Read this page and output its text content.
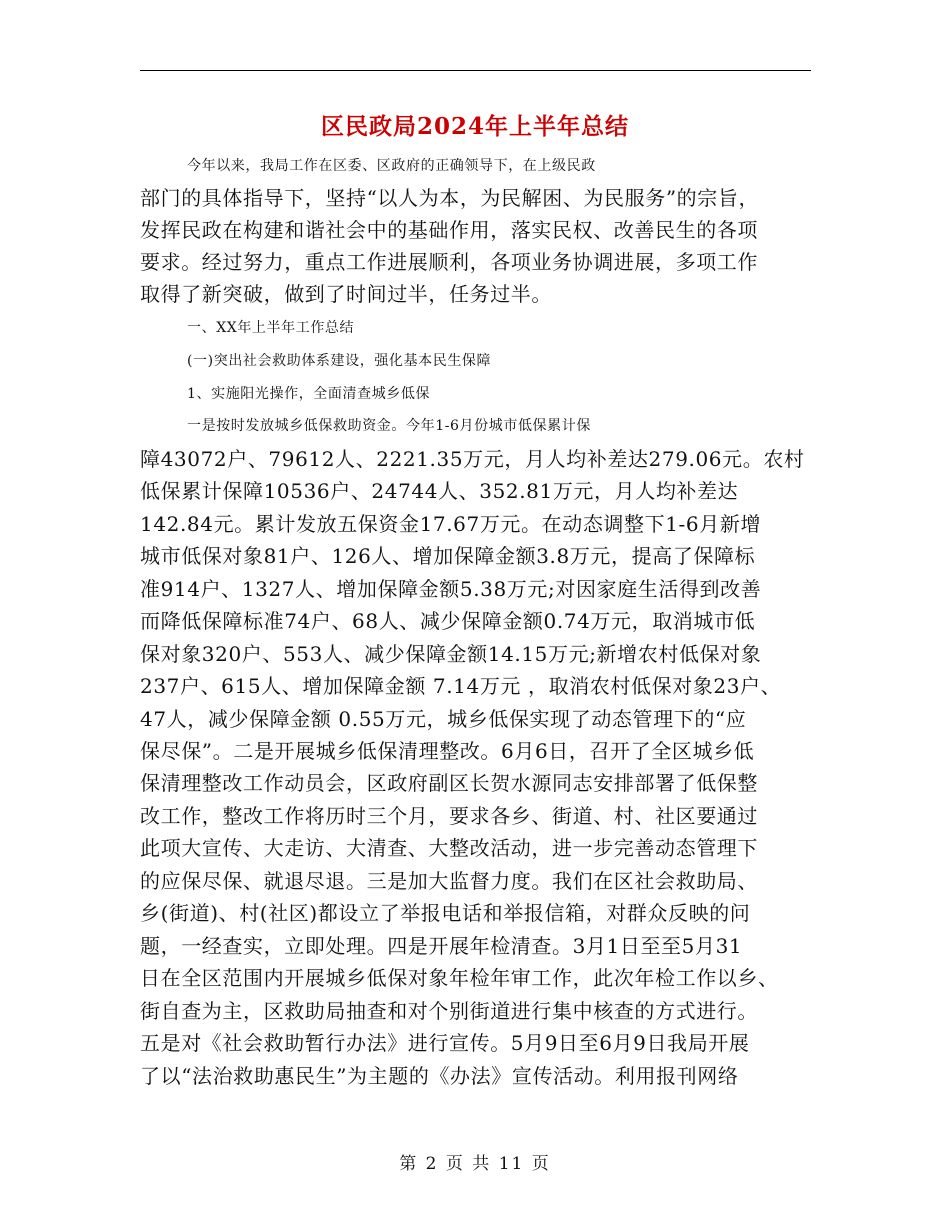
区民政局2024年上半年总结
今年以来，我局工作在区委、区政府的正确领导下，在上级民政
部门的具体指导下，坚持“以人为本，为民解困、为民服务”的宗旨，
发挥民政在构建和谐社会中的基础作用，落实民权、改善民生的各项
要求。经过努力，重点工作进展顺利，各项业务协调进展，多项工作
取得了新突破，做到了时间过半，任务过半。
一、XX年上半年工作总结
(一)突出社会救助体系建设，强化基本民生保障
1、实施阳光操作，全面清查城乡低保
一是按时发放城乡低保救助资金。今年1-6月份城市低保累计保
障43072户、79612人、2221.35万元，月人均补差达279.06元。农村
低保累计保障10536户、24744人、352.81万元，月人均补差达
142.84元。累计发放五保资金17.67万元。在动态调整下1-6月新增
城市低保对象81户、126人、增加保障金额3.8万元，提高了保障标
准914户、1327人、增加保障金额5.38万元;对因家庭生活得到改善
而降低保障标准74户、68人、减少保障金额0.74万元，取消城市低
保对象320户、553人、减少保障金额14.15万元;新增农村低保对象
237户、615人、增加保障金额 7.14万元 ，取消农村低保对象23户、
47人，减少保障金额 0.55万元，城乡低保实现了动态管理下的“应
保尽保”。二是开展城乡低保清理整改。6月6日，召开了全区城乡低
保清理整改工作动员会，区政府副区长贺水源同志安排部署了低保整
改工作，整改工作将历时三个月，要求各乡、街道、村、社区要通过
此项大宣传、大走访、大清查、大整改活动，进一步完善动态管理下
的应保尽保、就退尽退。三是加大监督力度。我们在区社会救助局、
乡(街道)、村(社区)都设立了举报电话和举报信箱，对群众反映的问
题，一经查实，立即处理。四是开展年检清查。3月1日至至5月31
日在全区范围内开展城乡低保对象年检年审工作，此次年检工作以乡、
街自查为主，区救助局抽查和对个别街道进行集中核查的方式进行。
五是对《社会救助暂行办法》进行宣传。5月9日至6月9日我局开展
了以“法治救助惠民生”为主题的《办法》宣传活动。利用报刊网络
第 2 页 共 11 页
